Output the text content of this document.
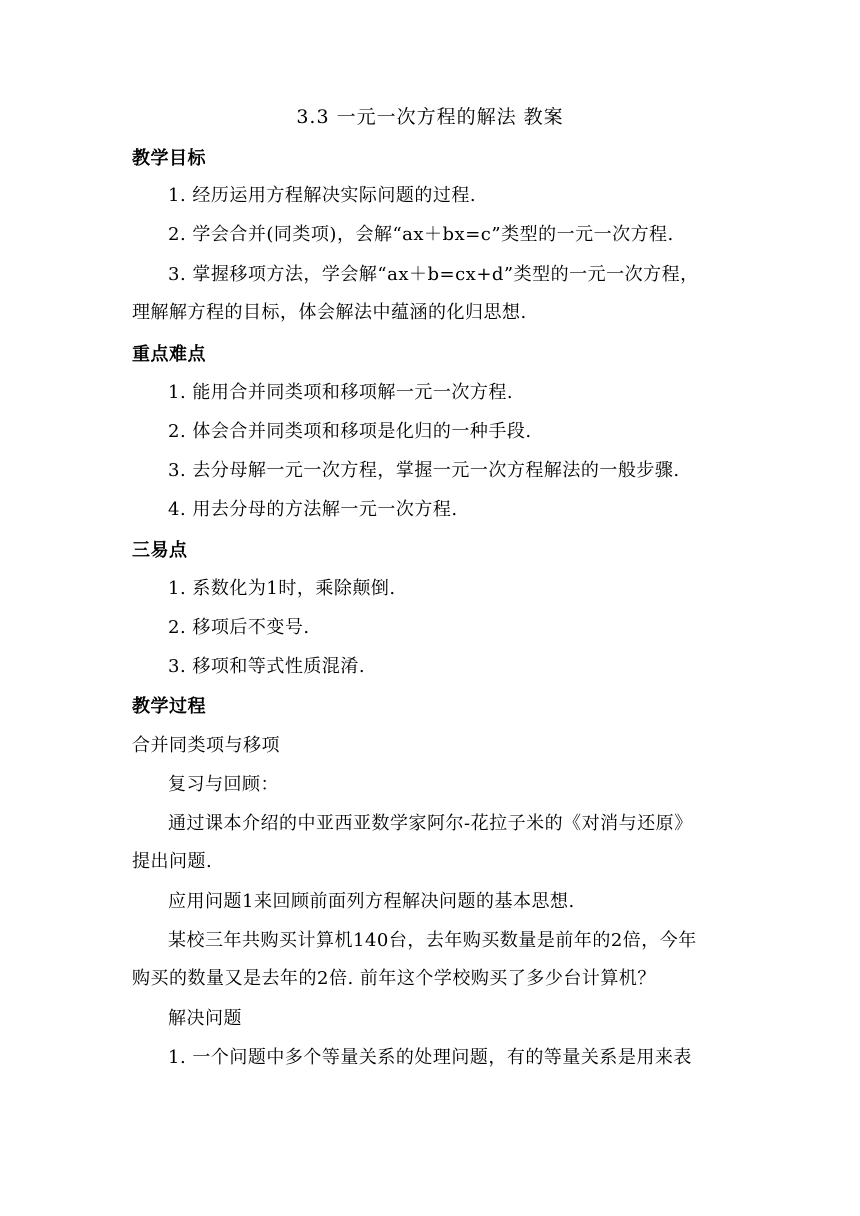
3.3 一元一次方程的解法 教案
教学目标
1. 经历运用方程解决实际问题的过程.
2. 学会合并(同类项)，会解“ax＋bx=c”类型的一元一次方程.
3. 掌握移项方法，学会解“ax＋b=cx+d”类型的一元一次方程，
理解解方程的目标，体会解法中蕴涵的化归思想.
重点难点
1. 能用合并同类项和移项解一元一次方程.
2. 体会合并同类项和移项是化归的一种手段.
3. 去分母解一元一次方程，掌握一元一次方程解法的一般步骤.
4. 用去分母的方法解一元一次方程.
三易点
1. 系数化为1时，乘除颠倒.
2. 移项后不变号.
3. 移项和等式性质混淆.
教学过程
合并同类项与移项
复习与回顾：
通过课本介绍的中亚西亚数学家阿尔-花拉子米的《对消与还原》
提出问题.
应用问题1来回顾前面列方程解决问题的基本思想.
某校三年共购买计算机140台，去年购买数量是前年的2倍，今年
购买的数量又是去年的2倍. 前年这个学校购买了多少台计算机？
解决问题
1. 一个问题中多个等量关系的处理问题，有的等量关系是用来表
